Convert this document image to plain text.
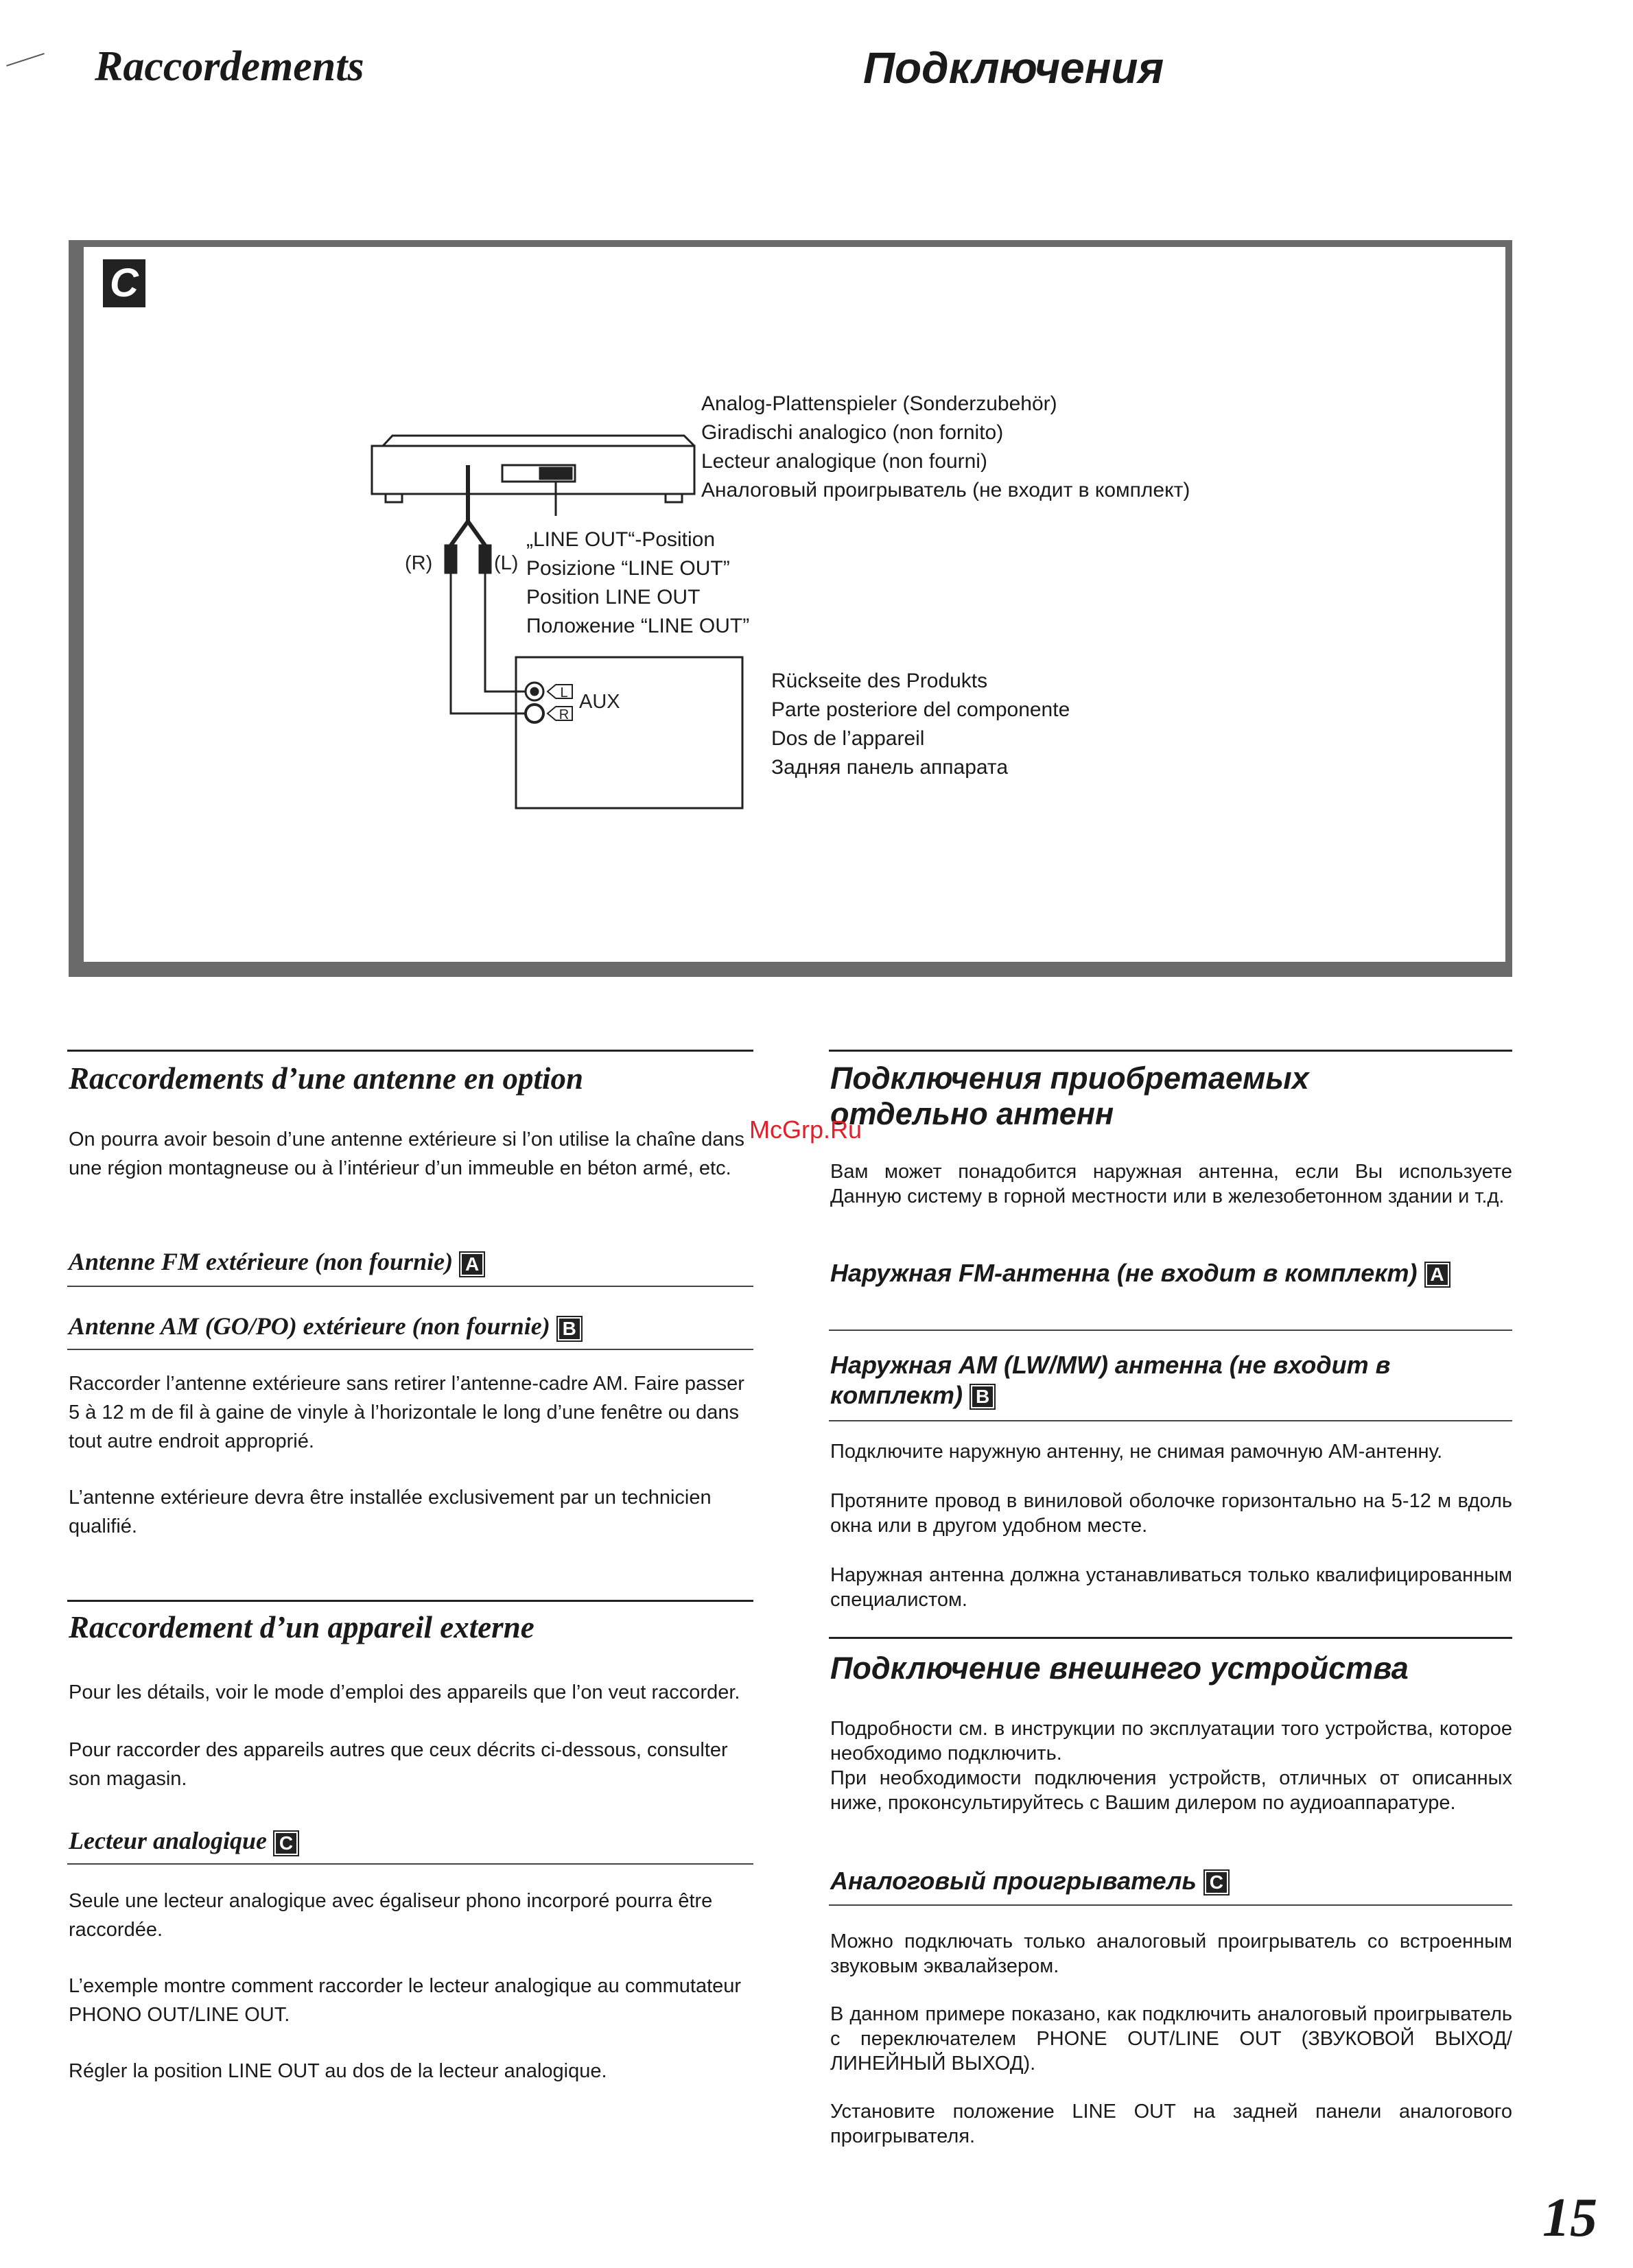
Raccordements	Подключения
C
L
R
AUX
(R)	(L)
Analog-Plattenspieler (Sonderzubehör)
Giradischi analogico (non fornito)
Lecteur analogique (non fourni)
Аналоговый проигрыватель (не входит в комплект)
„LINE OUT“-Position
Posizione “LINE OUT”
Position LINE OUT
Положение “LINE OUT”
Rückseite des Produkts
Parte posteriore del componente
Dos de l’appareil
Задняя панель аппарата
Raccordements d’une antenne en option

On pourra avoir besoin d’une antenne extérieure si l’on utilise la chaîne dans une région montagneuse ou à l’intérieur d’un immeuble en béton armé, etc.

Antenne FM extérieure (non fournie) A
Antenne AM (GO/PO) extérieure (non fournie) B

Raccorder l’antenne extérieure sans retirer l’antenne-cadre AM. Faire passer 5 à 12 m de fil à gaine de vinyle à l’horizontale le long d’une fenêtre ou dans tout autre endroit approprié.

L’antenne extérieure devra être installée exclusivement par un technicien qualifié.

Raccordement d’un appareil externe

Pour les détails, voir le mode d’emploi des appareils que l’on veut raccorder.

Pour raccorder des appareils autres que ceux décrits ci-dessous, consulter son magasin.

Lecteur analogique C

Seule une lecteur analogique avec égaliseur phono incorporé pourra être raccordée.

L’exemple montre comment raccorder le lecteur analogique au commutateur PHONO OUT/LINE OUT.

Régler la position LINE OUT au dos de la lecteur analogique.

Подключения приобретаемых отдельно антенн

Вам может понадобится наружная антенна, если Вы используете Данную систему в горной местности или в железобетонном здании и т.д.

Наружная FM-антенна (не входит в комплект) A
Наружная AM (LW/MW) антенна (не входит в комплект) B

Подключите наружную антенну, не снимая рамочную AM-антенну.

Протяните провод в виниловой оболочке горизонтально на 5-12 м вдоль окна или в другом удобном месте.

Наружная антенна должна устанавливаться только квалифицированным специалистом.

Подключение внешнего устройства

Подробности см. в инструкции по эксплуатации того устройства, которое необходимо подключить.

При необходимости подключения устройств, отличных от описанных ниже, проконсультируйтесь с Вашим дилером по аудиоаппаратуре.

Аналоговый проигрыватель C

Можно подключать только аналоговый проигрыватель со встроенным звуковым эквалайзером.

В данном примере показано, как подключить аналоговый проигрыватель с переключателем PHONE OUT/LINE OUT (ЗВУКОВОЙ ВЫХОД/ЛИНЕЙНЫЙ ВЫХОД).

Установите положение LINE OUT на задней панели аналогового проигрывателя.

McGrp.Ru
15
